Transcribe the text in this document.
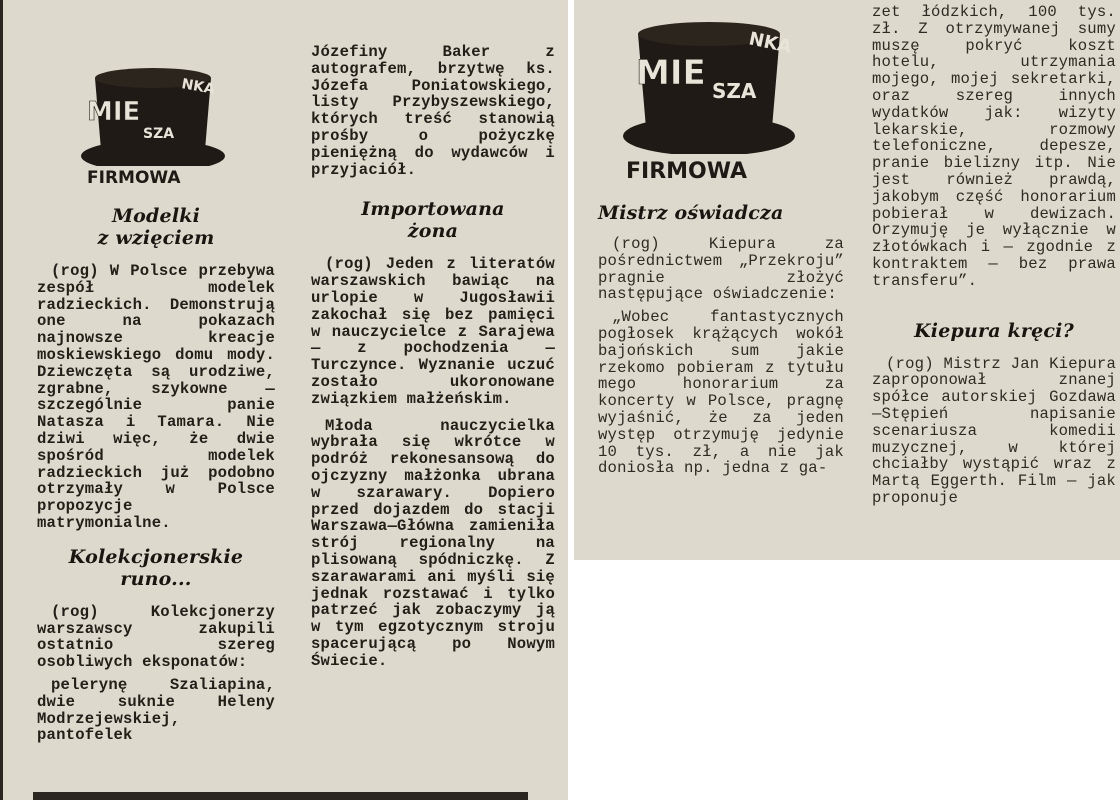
MIE
SZA
NKA
FIRMOWA
Modelki
z wzięciem

(rog) W Polsce przebywa zespół modelek radzieckich. Demonstrują one na pokazach najnowsze kreacje moskiewskiego domu mody. Dziewczęta są urodziwe, zgrabne, szykowne — szczególnie panie Natasza i Tamara. Nie dziwi więc, że dwie spośród modelek radzieckich już podobno otrzymały w Polsce propozycje matrymonialne.

Kolekcjonerskie
runo...

(rog) Kolekcjonerzy warszawscy zakupili ostatnio szereg osobliwych eksponatów:

pelerynę Szaliapina, dwie suknie Heleny Modrzejewskiej, pantofelek

Józefiny Baker z autografem, brzytwę ks. Józefa Poniatowskiego, listy Przybyszewskiego, których treść stanowią prośby o pożyczkę pieniężną do wydawców i przyjaciół.

Importowana
żona

(rog) Jeden z literatów warszawskich bawiąc na urlopie w Jugosławii zakochał się bez pamięci w nauczycielce z Sarajewa — z pochodzenia — Turczynce. Wyznanie uczuć zostało ukoronowane związkiem małżeńskim.

Młoda nauczycielka wybrała się wkrótce w podróż rekonesansową do ojczyzny małżonka ubrana w szarawary. Dopiero przed dojazdem do stacji Warszawa—Główna zamieniła strój regionalny na plisowaną spódniczkę. Z szarawarami ani myśli się jednak rozstawać i tylko patrzeć jak zobaczymy ją w tym egzotycznym stroju spacerującą po Nowym Świecie.

MIE SZA
NKA
FIRMOWA
Mistrz oświadcza

(rog) Kiepura za pośrednictwem „Przekroju” pragnie złożyć następujące oświadczenie:

„Wobec fantastycznych pogłosek krążących wokół bajońskich sum jakie rzekomo pobieram z tytułu mego honorarium za koncerty w Polsce, pragnę wyjaśnić, że za jeden występ otrzymuję jedynie 10 tys. zł, a nie jak doniosła np. jedna z ga-

zet łódzkich, 100 tys. zł. Z otrzymywanej sumy muszę pokryć koszt hotelu, utrzymania mojego, mojej sekretarki, oraz szereg innych wydatków jak: wizyty lekarskie, rozmowy telefoniczne, depesze, pranie bielizny itp. Nie jest również prawdą, jakobym część honorarium pobierał w dewizach. Orzymuję je wyłącznie w złotówkach i — zgodnie z kontraktem — bez prawa transferu”.

Kiepura kręci?

(rog) Mistrz Jan Kiepura zaproponował znanej spółce autorskiej Gozdawa—Stępień napisanie scenariusza komedii muzycznej, w której chciałby wystąpić wraz z Martą Eggerth. Film — jak proponuje
